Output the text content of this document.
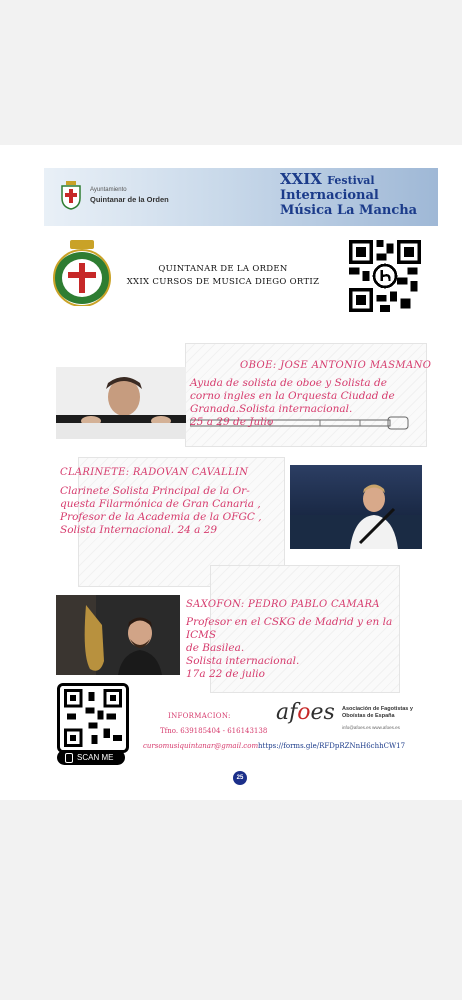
Ayuntamiento
Quintanar de la Orden
XXIX Festival
Internacional
Música La Mancha
QUINTANAR DE LA ORDEN
XXIX CURSOS DE MUSICA DIEGO ORTIZ
OBOE: JOSE ANTONIO MASMANO
Ayuda de solista de oboe y Solista de
corno ingles en la Orquesta Ciudad de
Granada.Solista internacional.
25 a 29 de Julio
CLARINETE: RADOVAN CAVALLIN
Clarinete Solista Principal de la Or-
questa Filarmónica de Gran Canaria ,
Profesor de la Academia de la OFGC ,
Solista Internacional. 24 a 29
SAXOFON: PEDRO PABLO CAMARA
Profesor en el CSKG de Madrid y en la ICMS
de Basilea.
Solista internacional.
17a 22 de julio
SCAN ME
INFORMACION:
Tfno. 639185404 - 616143138
cursomusiquintanar@gmail.com https://forms.gle/RFDpRZNnH6chhCW17
afoes Asociación de Fagotistas y Oboístas de España
info@afoes.es www.afoes.es
25
